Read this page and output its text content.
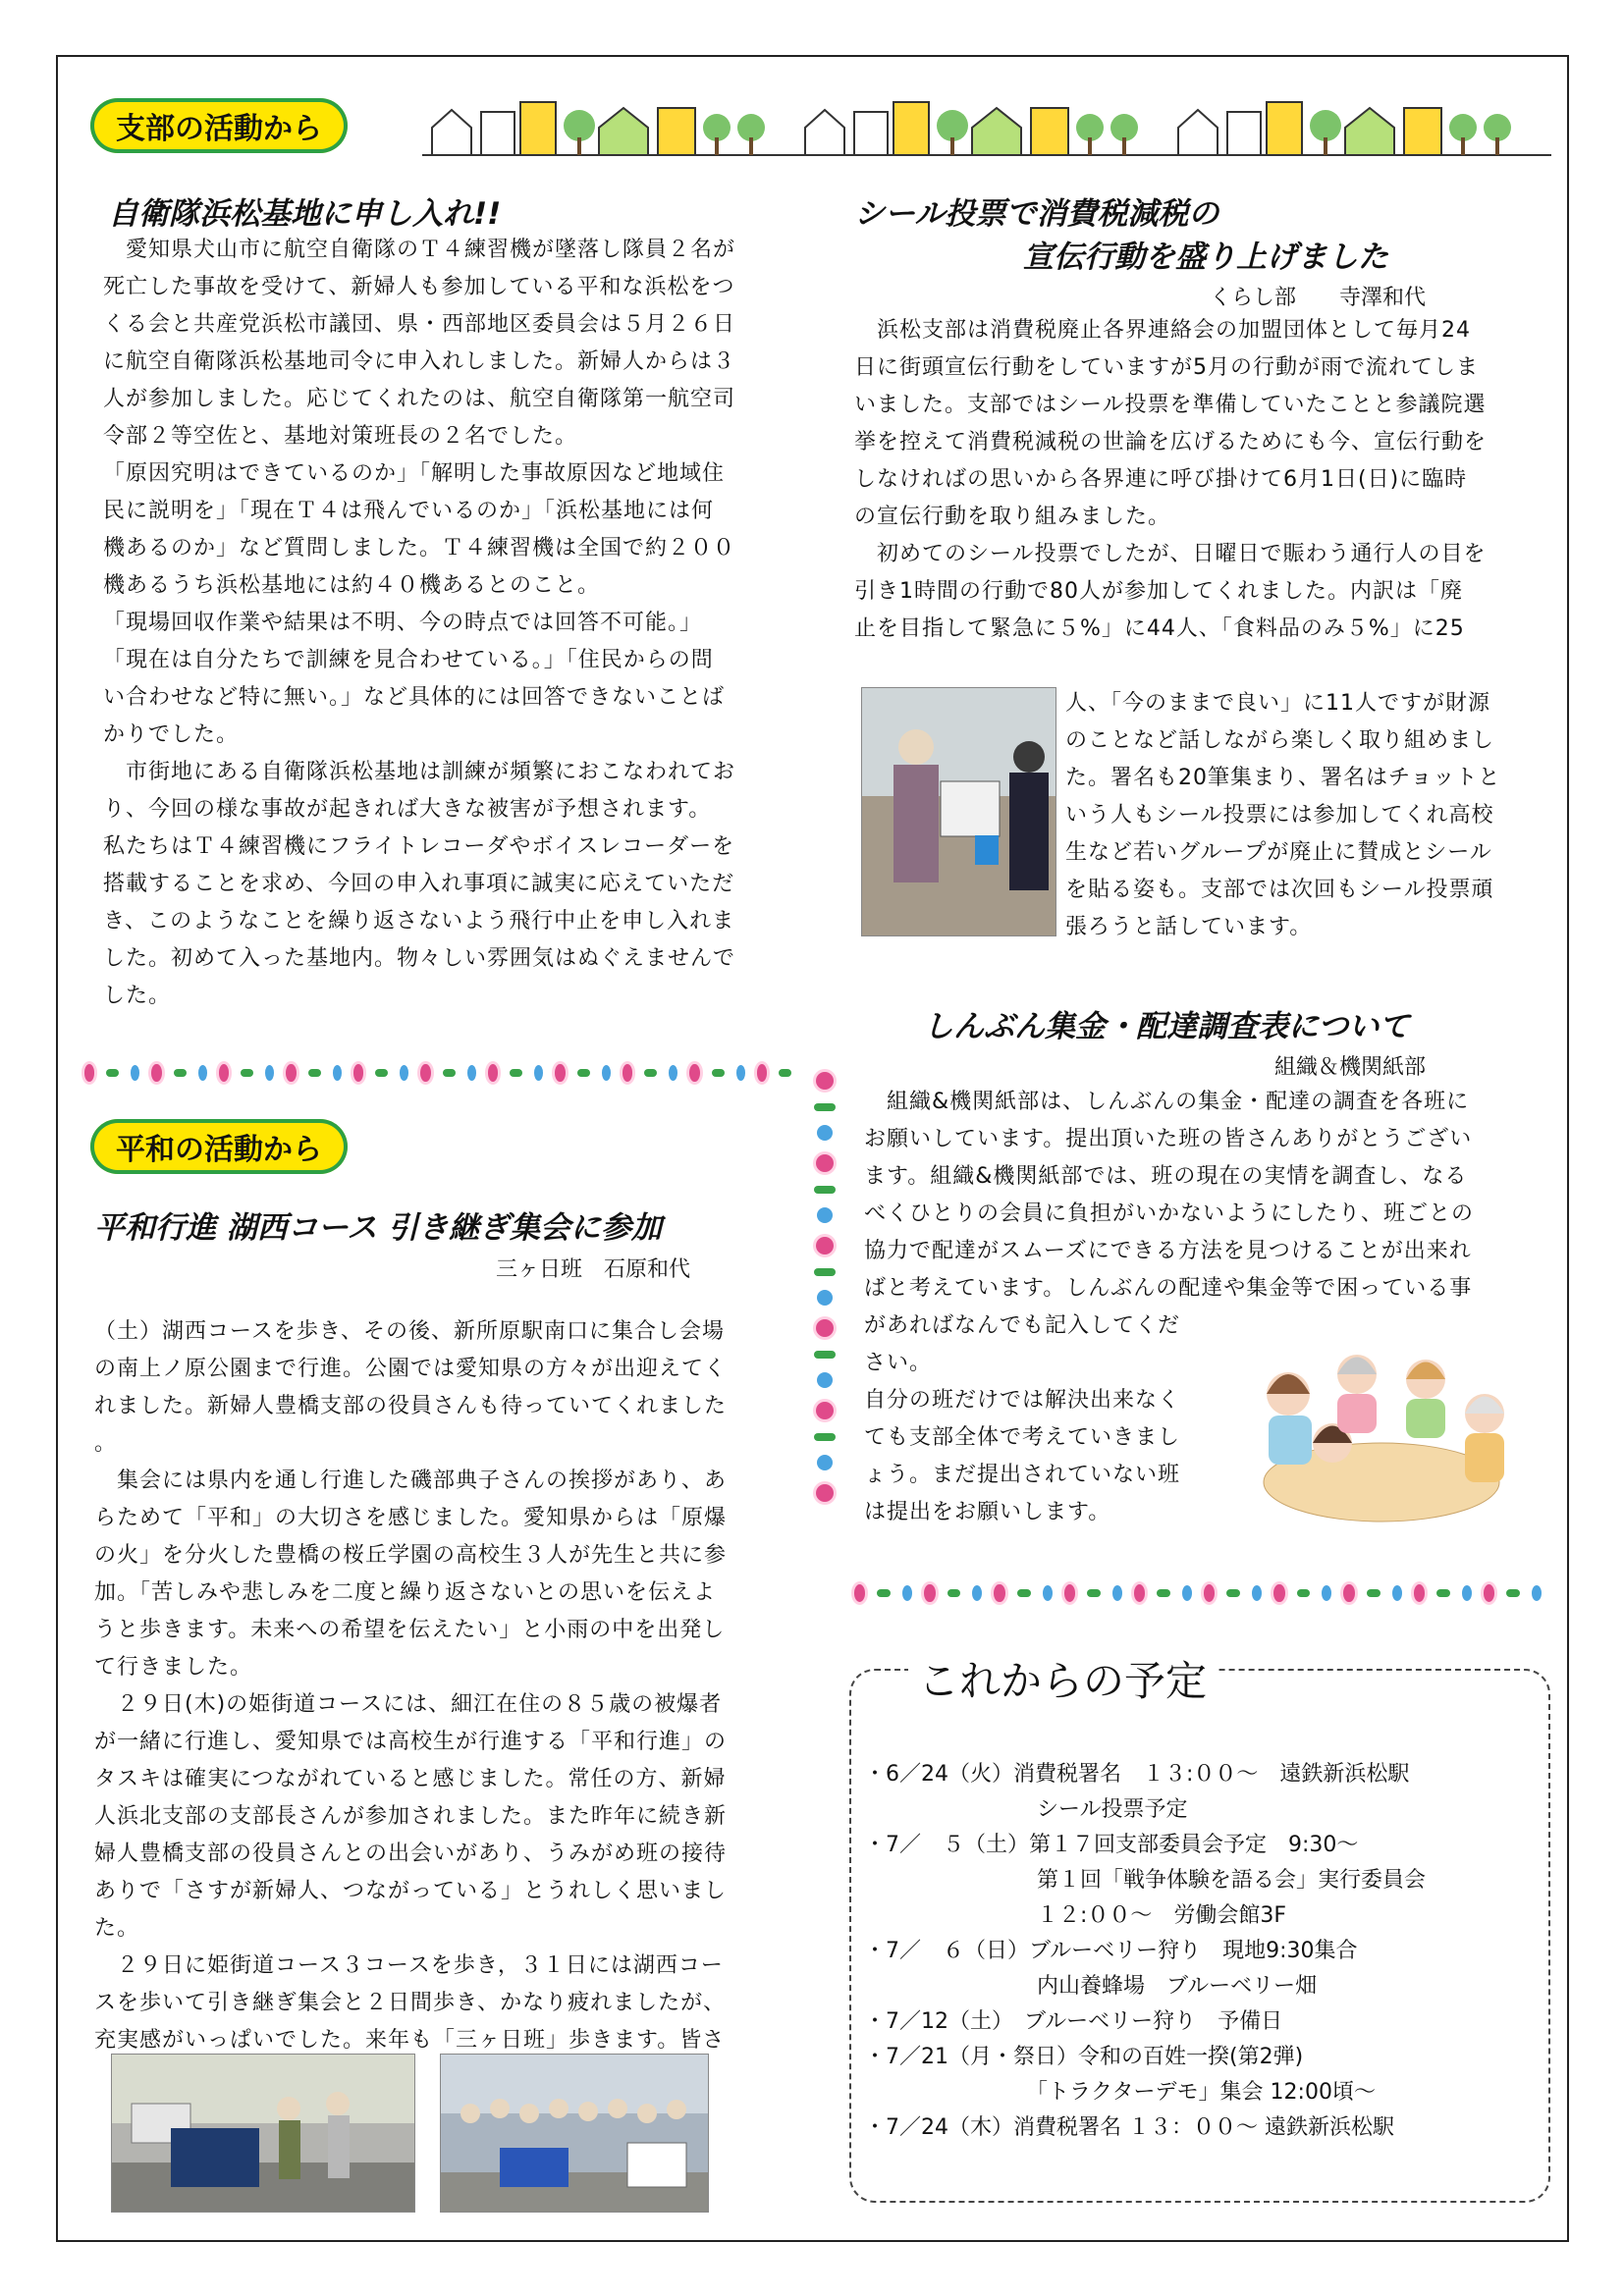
支部の活動から
自衛隊浜松基地に申し入れ!!
　愛知県犬山市に航空自衛隊のＴ４練習機が墜落し隊員２名が
死亡した事故を受けて、新婦人も参加している平和な浜松をつ
くる会と共産党浜松市議団、県・西部地区委員会は５月２６日
に航空自衛隊浜松基地司令に申入れしました。新婦人からは３
人が参加しました。応じてくれたのは、航空自衛隊第一航空司
令部２等空佐と、基地対策班長の２名でした。
「原因究明はできているのか」「解明した事故原因など地域住
民に説明を」「現在Ｔ４は飛んでいるのか」「浜松基地には何
機あるのか」など質問しました。Ｔ４練習機は全国で約２００
機あるうち浜松基地には約４０機あるとのこと。
「現場回収作業や結果は不明、今の時点では回答不可能。」
「現在は自分たちで訓練を見合わせている。」「住民からの問
い合わせなど特に無い。」など具体的には回答できないことば
かりでした。
　市街地にある自衛隊浜松基地は訓練が頻繁におこなわれてお
り、今回の様な事故が起きれば大きな被害が予想されます。
私たちはＴ４練習機にフライトレコーダやボイスレコーダーを
搭載することを求め、今回の申入れ事項に誠実に応えていただ
き、このようなことを繰り返さないよう飛行中止を申し入れま
した。初めて入った基地内。物々しい雰囲気はぬぐえませんで
した。
シール投票で消費税減税の
宣伝行動を盛り上げました
くらし部　　寺澤和代
　浜松支部は消費税廃止各界連絡会の加盟団体として毎月24
日に街頭宣伝行動をしていますが5月の行動が雨で流れてしま
いました。支部ではシール投票を準備していたことと参議院選
挙を控えて消費税減税の世論を広げるためにも今、宣伝行動を
しなければの思いから各界連に呼び掛けて6月1日(日)に臨時
の宣伝行動を取り組みました。
　初めてのシール投票でしたが、日曜日で賑わう通行人の目を
引き1時間の行動で80人が参加してくれました。内訳は「廃
止を目指して緊急に５%」に44人、「食料品のみ５%」に25
人、「今のままで良い」に11人ですが財源
のことなど話しながら楽しく取り組めまし
た。署名も20筆集まり、署名はチョットと
いう人もシール投票には参加してくれ高校
生など若いグループが廃止に賛成とシール
を貼る姿も。支部では次回もシール投票頑
張ろうと話しています。
しんぶん集金・配達調査表について
組織＆機関紙部
　組織&機関紙部は、しんぶんの集金・配達の調査を各班に
お願いしています。提出頂いた班の皆さんありがとうござい
ます。組織&機関紙部では、班の現在の実情を調査し、なる
べくひとりの会員に負担がいかないようにしたり、班ごとの
協力で配達がスムーズにできる方法を見つけることが出来れ
ばと考えています。しんぶんの配達や集金等で困っている事
があればなんでも記入してくだ
さい。
自分の班だけでは解決出来なく
ても支部全体で考えていきまし
ょう。まだ提出されていない班
は提出をお願いします。
平和の活動から
平和行進 湖西コース 引き継ぎ集会に参加
三ヶ日班　石原和代
（土）湖西コースを歩き、その後、新所原駅南口に集合し会場
の南上ノ原公園まで行進。公園では愛知県の方々が出迎えてく
れました。新婦人豊橋支部の役員さんも待っていてくれました
。
　集会には県内を通し行進した磯部典子さんの挨拶があり、あ
らためて「平和」の大切さを感じました。愛知県からは「原爆
の火」を分火した豊橋の桜丘学園の高校生３人が先生と共に参
加。「苦しみや悲しみを二度と繰り返さないとの思いを伝えよ
うと歩きます。未来への希望を伝えたい」と小雨の中を出発し
て行きました。
　２９日(木)の姫街道コースには、細江在住の８５歳の被爆者
が一緒に行進し、愛知県では高校生が行進する「平和行進」の
タスキは確実につながれていると感じました。常任の方、新婦
人浜北支部の支部長さんが参加されました。また昨年に続き新
婦人豊橋支部の役員さんとの出会いがあり、うみがめ班の接待
ありで「さすが新婦人、つながっている」とうれしく思いまし
た。
　２９日に姫街道コース３コースを歩き，３１日には湖西コー
スを歩いて引き継ぎ集会と２日間歩き、かなり疲れましたが、
充実感がいっぱいでした。来年も「三ヶ日班」歩きます。皆さ
これからの予定
・6／24（火）消費税署名　１３:００～　遠鉄新浜松駅
　　　　　　　　シール投票予定
・7／　５（土）第１７回支部委員会予定　9:30～
　　　　　　　　第１回「戦争体験を語る会」実行委員会
　　　　　　　　１２:００～　労働会館3F
・7／　６（日）ブルーベリー狩り　現地9:30集合
　　　　　　　　内山養蜂場　ブルーベリー畑
・7／12（土）　ブルーベリー狩り　予備日
・7／21（月・祭日）令和の百姓一揆(第2弾)
　　　　　　　　「トラクターデモ」集会 12:00頃～
・7／24（木）消費税署名 １３：００～ 遠鉄新浜松駅
